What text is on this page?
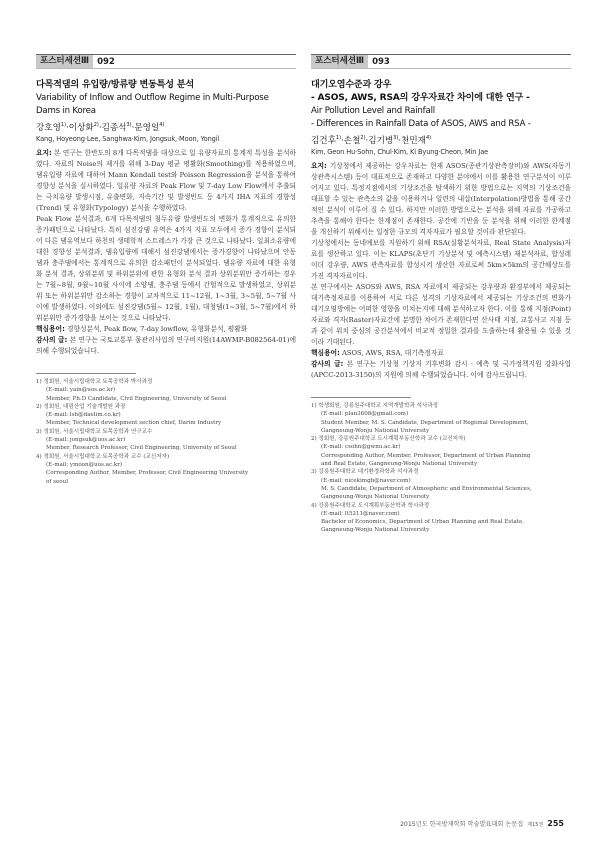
포스터세션Ⅲ 092
다목적댐의 유입량/방류량 변동특성 분석
Variability of Inflow and Outflow Regime in Multi-Purpose
Dams in Korea
강호영$^{1)}$·이상화$^{2)}$·김종석$^{3)}$·문영일$^{4)}$
Kang, Hoyeong·Lee, Sanghwa·Kim, Jongsuk,·Moon, Yongil

요지: 본 연구는 한반도의 8개 다목적댐을 대상으로 일 유량자료의 통계적 특성을 분석하였다. 자료의 Noise의 제거를 위해 3-Day 평균 평활화(Smoothing)를 적용하였으며, 댐유입량 자료에 대하여 Mann Kendall test와 Poisson Regression을 분석을 통하여 경향성 분석을 실시하였다. 일유량 자료의 Peak Flow 및 7-day Low Flow에서 추출되는 극치유량 발생시점, 유출변화, 지속기간 및 발생빈도 등 4가지 IHA 지표의 경향성(Trend) 및 유형화(Typology) 분석을 수행하였다.

Peak Flow 분석결과, 6개 다목적댐의 첨두유량 발생빈도의 변화가 통계적으로 유의한 증가패턴으로 나타났다. 특히 섬진강댐 유역은 4가지 지표 모두에서 증가 경향이 분석되어 다른 댐유역보다 하천의 생태학적 스트레스가 가장 큰 것으로 나타났다. 일최소유량에 대한 경향성 분석결과, 댐유입량에 대해서 섬진강댐에서는 증가경향이 나타났으며 안동댐과 충주댐에서는 통계적으로 유의한 감소패턴이 분석되었다. 댐유량 자료에 대한 유형화 분석 결과, 상위분위 및 하위분위에 관한 유형화 분석 결과 상위분위만 증가하는 경우는 7월~8월, 9월~10월 사이에 소양댐, 충주댐 등에서 간헐적으로 발생하였고, 상위분위 또는 하위분위만 감소하는 경향이 교차적으로 11~12월, 1~3월, 3~5월, 5~7월 사이에 발생하였다. 이외에도 섬진강댐(5월~ 12월, 1월), 대청댐(1~3월, 5~7월)에서 하위분위만 증가경향을 보이는 것으로 나타났다.

핵심용어: 경향성분석, Peak flow, 7-day lowflow, 유형화분석, 평활화

감사의 글: 본 연구는 국토교통부 물관리사업의 연구비지원(14AWMP-B082564-01)에 의해 수행되었습니다.

1) 정회원, 서울시립대학교 토목공학과 박사과정
(E-mail: yain@uos.ac.kr)
Member, Ph.D Candidate, Civil Engineering, University of Seoul
2) 정회원, 대림산업 기술개발원 과장
(E-mail: lsh@daelim.co.kr)
Member, Technical development section chief, Darim Industry
3) 정회원, 서울시립대학교 토목공학과 연구교수
(E-mail: jongsuk@uos.ac.kr)
Member, Research Professor, Civil Engineering, University of Seoul
4) 정회원, 서울시립대학교 토목공학과 교수 (교신저자)
(E-mail: ymoon@uos.ac.kr)
Corresponding Author, Member, Professor, Civil Engineering University
of seoul
포스터세션Ⅲ 093
대기오염수준과 강우
- ASOS, AWS, RSA의 강우자료간 차이에 대한 연구 -
Air Pollution Level and Rainfall
- Differences in Rainfall Data of ASOS, AWS and RSA -
김건후$^{1)}$·손철$^{2)}$·김기병$^{3)}$·천민재$^{4)}$
Kim, Geon Hu·Sohn, Chul·Kim, Ki Byung·Cheon, Min Jae

요지: 기상청에서 제공하는 강우자료는 현재 ASOS(종관기상관측장비)와 AWS(자동기상관측시스템) 등이 대표적으로 존재하고 다양한 분야에서 이를 활용한 연구분석이 이루어지고 있다. 특정지점에서의 기상조건을 탐색하기 위한 방법으로는 지역의 기상조건을 대표할 수 있는 관측소의 값을 이용하거나 일련의 내삽(Interpolation)방법을 통해 공간적인 분석이 이루어 질 수 있다. 하지만 이러한 방법으로는 분석을 위해 자료를 가공하고 추측을 통해야 한다는 한계점이 존재한다. 공간에 기반을 둔 분석을 위해 이러한 한계점을 개선하기 위해서는 일정한 규모의 격자자료가 필요할 것이라 판단된다.

기상청에서는 동네예보를 지원하기 위해 RSA(실황분석자료, Real State Analysis)자료를 생산하고 있다. 이는 KLAPS(초단기 기상분석 및 예측시스템) 재분석자료, 합성레이더 강우량, AWS 관측자료를 합성시켜 생산한 자료로써 5km×5km의 공간해상도를 가진 격자자료이다.

본 연구에서는 ASOS와 AWS, RSA 자료에서 제공되는 강우량과 환경부에서 제공되는 대기측정자료를 이용하여 서로 다른 성격의 기상자료에서 제공되는 기상조건의 변화가 대기오염방에는 어떠한 영향을 미치는지에 대해 분석하고자 한다. 이를 통해 지점(Point)자료와 격자(Raster)자료간에 분명한 차이가 존재한다면 산사태 지점, 교통사고 지점 등과 같이 위치 중심의 공간분석에서 비교적 정밀한 결과를 도출하는데 활용될 수 있을 것이라 기대된다.

핵심용어: ASOS, AWS, RSA, 대기측정자료

감사의 글: 본 연구는 기상청 기상지 기후변화 감시 · 예측 및 국가정책지원 강화사업(APCC-2013-3150)의 지원에 의해 수행되었습니다. 이에 감사드립니다.

1) 학생회원, 강릉원주대학교 지역개발학과 석사과정
(E-mail: plan3608@gmail.com)
Student Member, M. S. Candidate, Department of Regional Development,
Gangneung-Wonju National University
2) 정회원, 강릉원주대학교 도시계획부동산학과 교수 (교신저자)
(E-mail: csohn@gwnu.ac.kr)
Corresponding Author, Member, Professor, Department of Urban Planning
and Real Estate, Gangneung-Wonju National University
3) 강릉원주대학교 대기환경과학과 석사과정
(E-mail: nicekimgb@naver.com)
M. S. Candidate, Department of Atmospheric and Environmental Sciences,
Gangneung-Wonju National University
4) 강릉원주대학교 도시계획부동산학과 학사과정
(E-mail: lt5211@naver.com)
Bachelor of Economics, Department of Urban Planning and Real Estate,
Gangneung-Wonju National University
2015년도 한국방재학회 학술발표대회 논문집 제15권 255
